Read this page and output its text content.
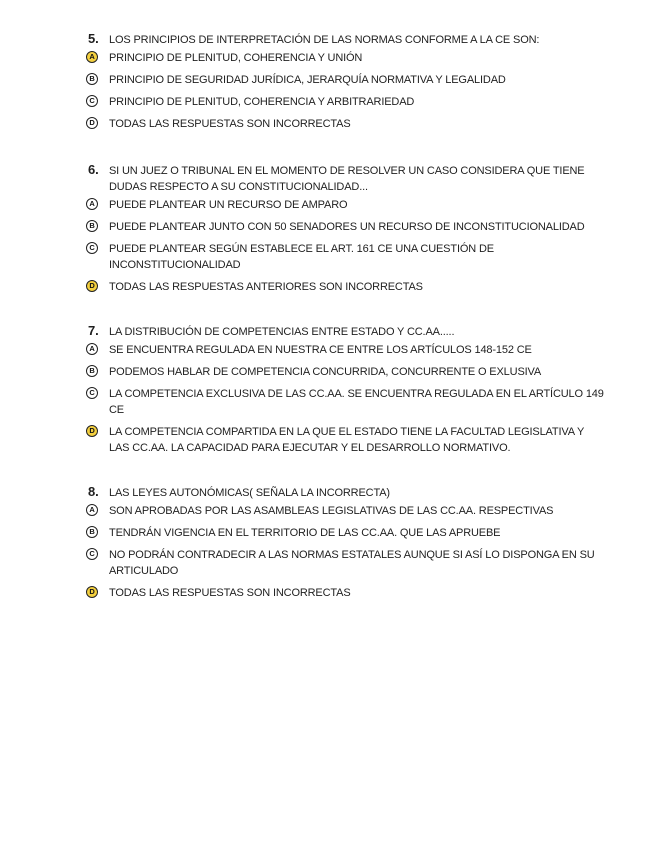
5. LOS PRINCIPIOS DE INTERPRETACIÓN DE LAS NORMAS CONFORME A LA CE SON:
A	PRINCIPIO DE PLENITUD, COHERENCIA Y UNIÓN
B	PRINCIPIO DE SEGURIDAD JURÍDICA, JERARQUÍA NORMATIVA Y LEGALIDAD
C	PRINCIPIO DE PLENITUD, COHERENCIA Y ARBITRARIEDAD
D	TODAS LAS RESPUESTAS SON INCORRECTAS
6. SI UN JUEZ O TRIBUNAL EN EL MOMENTO DE RESOLVER UN CASO CONSIDERA QUE TIENE DUDAS RESPECTO A SU CONSTITUCIONALIDAD...
A	PUEDE PLANTEAR UN RECURSO DE AMPARO
B	PUEDE PLANTEAR JUNTO CON 50 SENADORES UN RECURSO DE INCONSTITUCIONALIDAD
C	PUEDE PLANTEAR SEGÚN ESTABLECE EL ART. 161 CE UNA CUESTIÓN DE INCONSTITUCIONALIDAD
D	TODAS LAS RESPUESTAS ANTERIORES SON INCORRECTAS
7. LA DISTRIBUCIÓN DE COMPETENCIAS ENTRE ESTADO Y CC.AA.....
A	SE ENCUENTRA REGULADA EN NUESTRA CE ENTRE LOS ARTÍCULOS 148-152 CE
B	PODEMOS HABLAR DE COMPETENCIA CONCURRIDA, CONCURRENTE O EXLUSIVA
C	LA COMPETENCIA EXCLUSIVA DE LAS CC.AA. SE ENCUENTRA REGULADA EN EL ARTÍCULO 149 CE
D	LA COMPETENCIA COMPARTIDA EN LA QUE EL ESTADO TIENE LA FACULTAD LEGISLATIVA Y LAS CC.AA. LA CAPACIDAD PARA EJECUTAR Y EL DESARROLLO NORMATIVO.
8. LAS LEYES AUTONÓMICAS( SEÑALA LA INCORRECTA)
A	SON APROBADAS POR LAS ASAMBLEAS LEGISLATIVAS DE LAS CC.AA. RESPECTIVAS
B	TENDRÁN VIGENCIA EN EL TERRITORIO DE LAS CC.AA. QUE LAS APRUEBE
C	NO PODRÁN CONTRADECIR A LAS NORMAS ESTATALES AUNQUE SI ASÍ LO DISPONGA EN SU ARTICULADO
D	TODAS LAS RESPUESTAS SON INCORRECTAS
